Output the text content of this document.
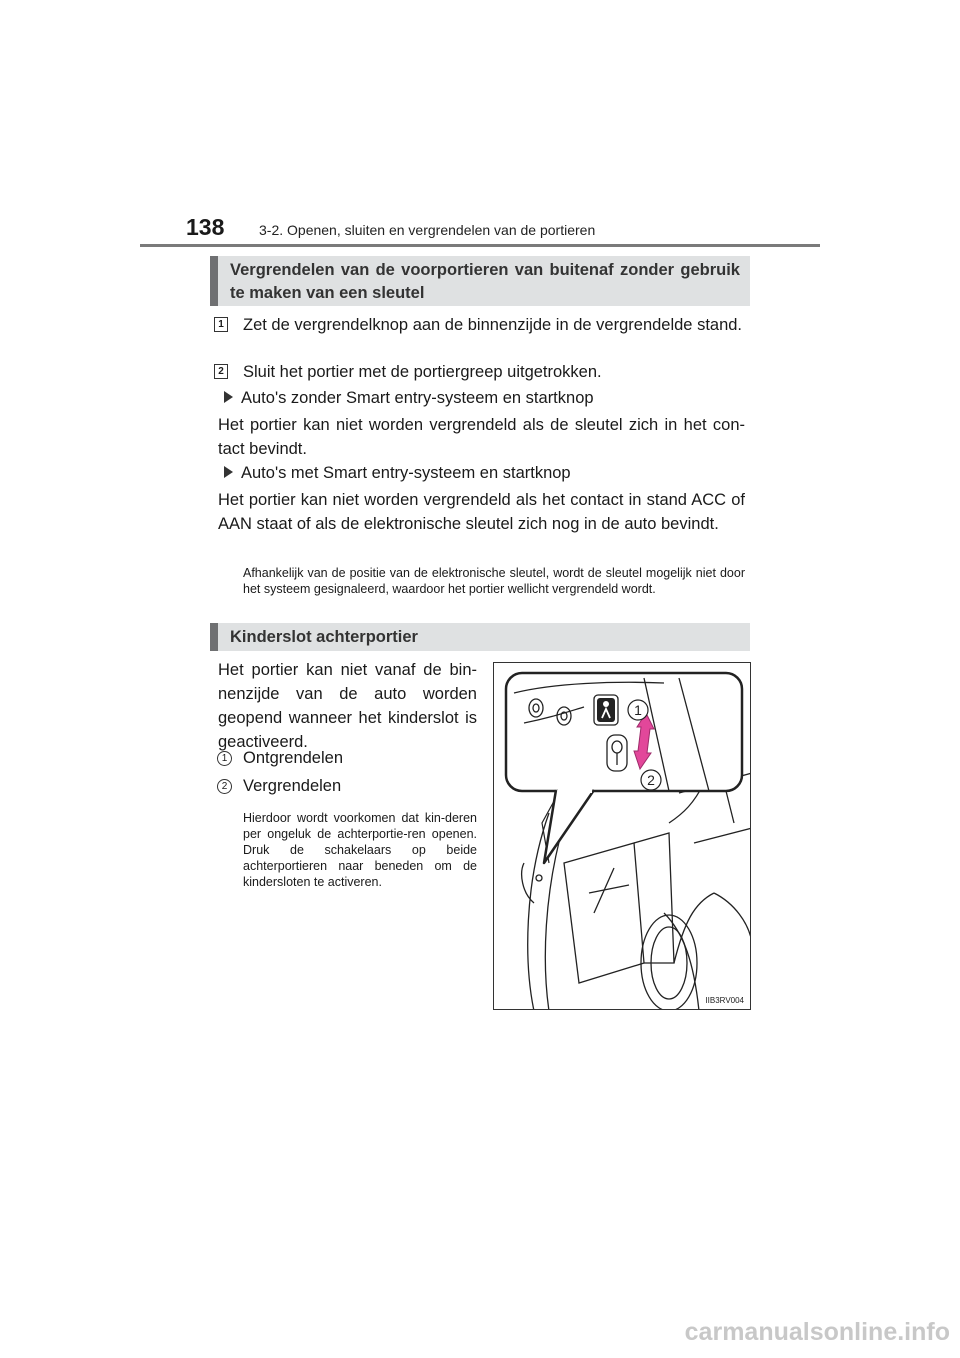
138 3-2. Openen, sluiten en vergrendelen van de portieren
Vergrendelen van de voorportieren van buitenaf zonder gebruik te maken van een sleutel
1 Zet de vergrendelknop aan de binnenzijde in de vergrendelde stand.
2 Sluit het portier met de portiergreep uitgetrokken.
Auto's zonder Smart entry-systeem en startknop
Het portier kan niet worden vergrendeld als de sleutel zich in het con-tact bevindt.
Auto's met Smart entry-systeem en startknop
Het portier kan niet worden vergrendeld als het contact in stand ACC of AAN staat of als de elektronische sleutel zich nog in de auto bevindt.
Afhankelijk van de positie van de elektronische sleutel, wordt de sleutel mogelijk niet door het systeem gesignaleerd, waardoor het portier wellicht vergrendeld wordt.
Kinderslot achterportier
Het portier kan niet vanaf de bin-nenzijde van de auto worden geopend wanneer het kinderslot is geactiveerd.
1 Ontgrendelen
2 Vergrendelen
Hierdoor wordt voorkomen dat kin-deren per ongeluk de achterportie-ren openen. Druk de schakelaars op beide achterportieren naar beneden om de kindersloten te activeren.
1
2
IIB3RV004
carmanualsonline.info
